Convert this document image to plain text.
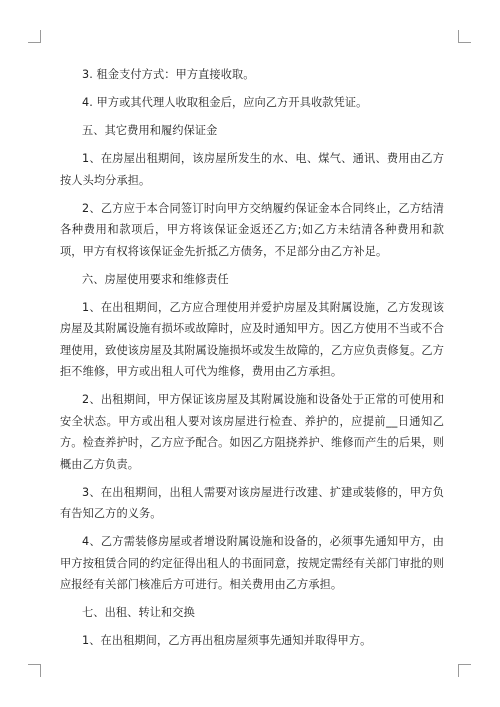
3. 租金支付方式：甲方直接收取。

4. 甲方或其代理人收取租金后，应向乙方开具收款凭证。

五、其它费用和履约保证金

1、在房屋出租期间，该房屋所发生的水、电、煤气、通讯、费用由乙方按人头均分承担。

2、乙方应于本合同签订时向甲方交纳履约保证金本合同终止，乙方结清各种费用和款项后，甲方将该保证金返还乙方;如乙方未结清各种费用和款项，甲方有权将该保证金先折抵乙方债务，不足部分由乙方补足。

六、房屋使用要求和维修责任

1、在出租期间，乙方应合理使用并爱护房屋及其附属设施，乙方发现该房屋及其附属设施有损坏或故障时，应及时通知甲方。因乙方使用不当或不合理使用，致使该房屋及其附属设施损坏或发生故障的，乙方应负责修复。乙方拒不维修，甲方或出租人可代为维修，费用由乙方承担。

2、出租期间，甲方保证该房屋及其附属设施和设备处于正常的可使用和安全状态。甲方或出租人要对该房屋进行检查、养护的，应提前__日通知乙方。检查养护时，乙方应予配合。如因乙方阻挠养护、维修而产生的后果，则概由乙方负责。

3、在出租期间，出租人需要对该房屋进行改建、扩建或装修的，甲方负有告知乙方的义务。

4、乙方需装修房屋或者增设附属设施和设备的，必须事先通知甲方，由甲方按租赁合同的约定征得出租人的书面同意，按规定需经有关部门审批的则应报经有关部门核准后方可进行。相关费用由乙方承担。

七、出租、转让和交换

1、在出租期间，乙方再出租房屋须事先通知并取得甲方。
